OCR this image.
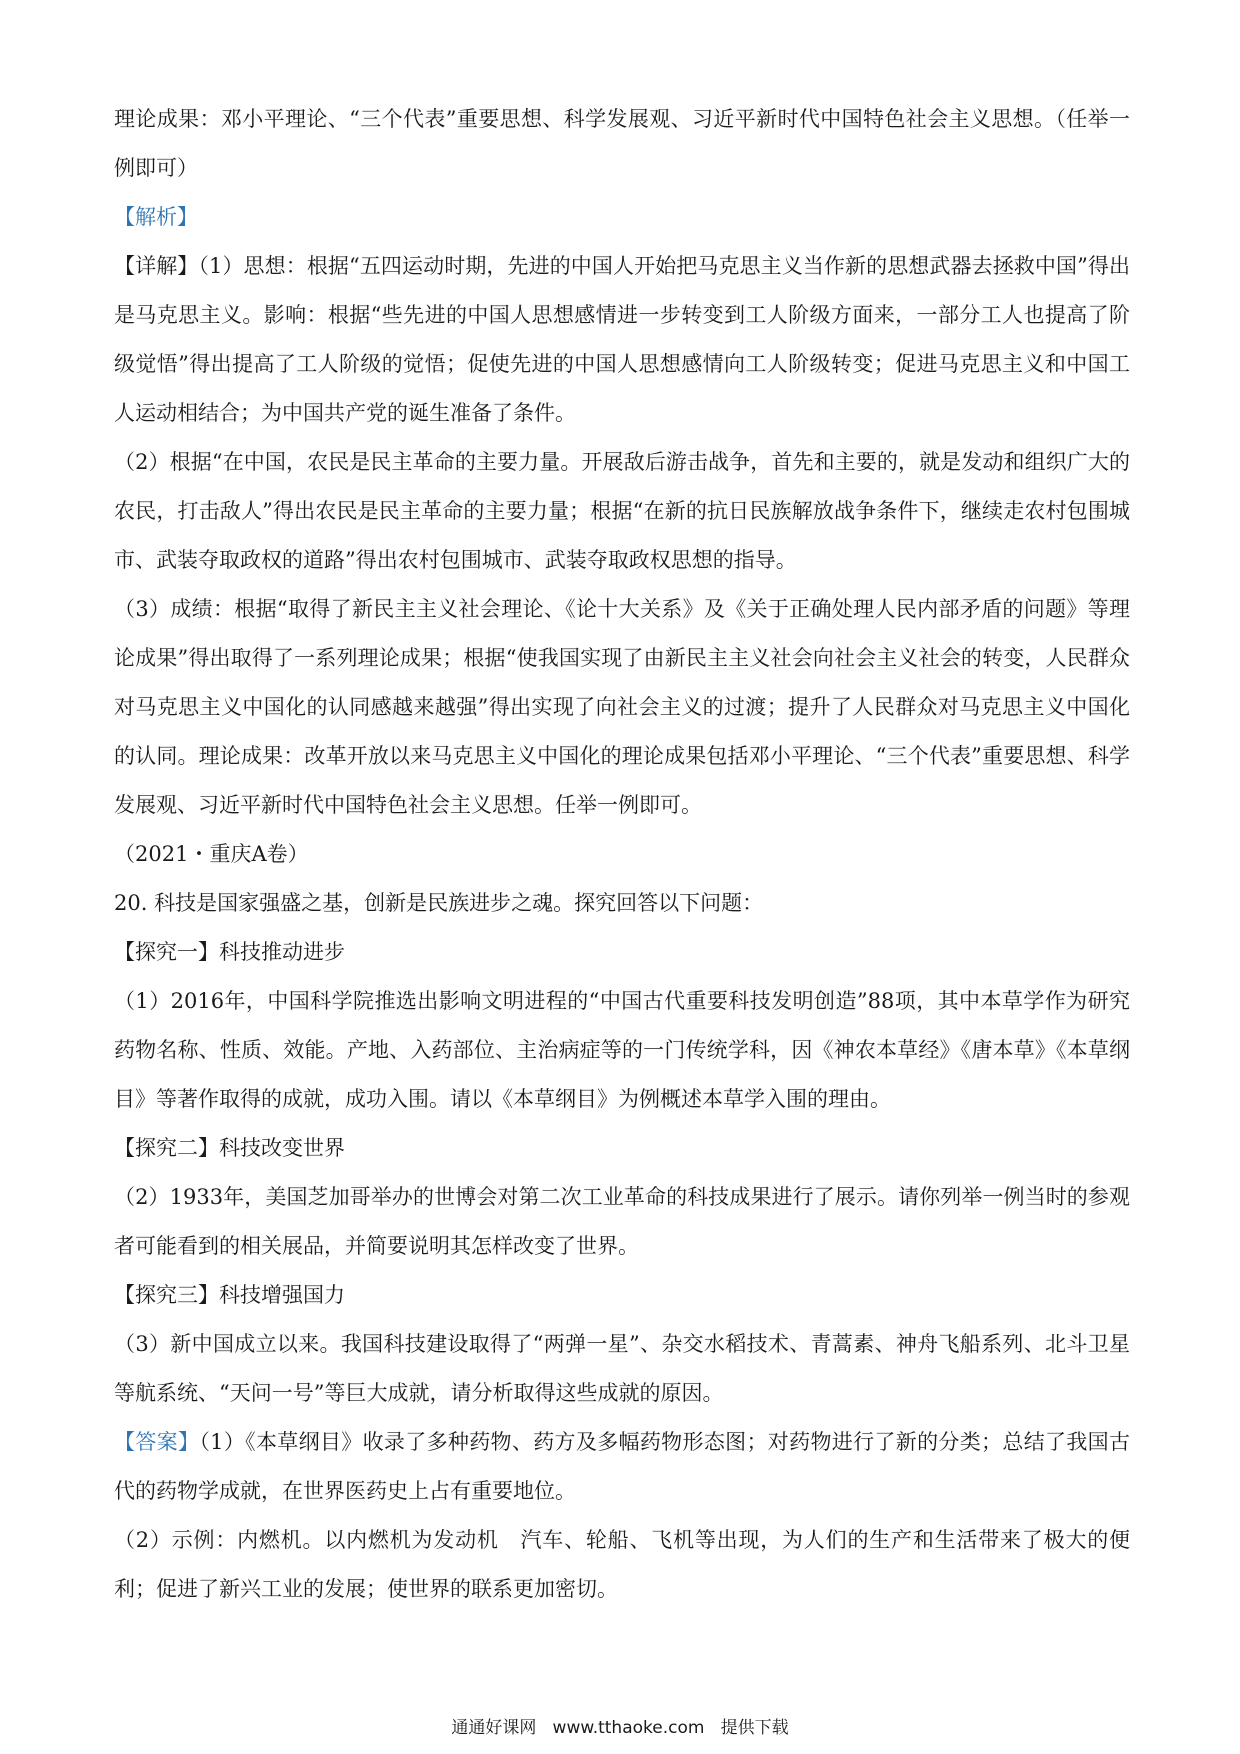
理论成果：邓小平理论、“三个代表”重要思想、科学发展观、习近平新时代中国特色社会主义思想。（任举一例即可）

【解析】

【详解】（1）思想：根据“五四运动时期，先进的中国人开始把马克思主义当作新的思想武器去拯救中国”得出是马克思主义。影响：根据“些先进的中国人思想感情进一步转变到工人阶级方面来，一部分工人也提高了阶级觉悟”得出提高了工人阶级的觉悟；促使先进的中国人思想感情向工人阶级转变；促进马克思主义和中国工人运动相结合；为中国共产党的诞生准备了条件。

（2）根据“在中国，农民是民主革命的主要力量。开展敌后游击战争，首先和主要的，就是发动和组织广大的农民，打击敌人”得出农民是民主革命的主要力量；根据“在新的抗日民族解放战争条件下，继续走农村包围城市、武装夺取政权的道路”得出农村包围城市、武装夺取政权思想的指导。

（3）成绩：根据“取得了新民主主义社会理论、《论十大关系》及《关于正确处理人民内部矛盾的问题》等理论成果”得出取得了一系列理论成果；根据“使我国实现了由新民主主义社会向社会主义社会的转变，人民群众对马克思主义中国化的认同感越来越强”得出实现了向社会主义的过渡；提升了人民群众对马克思主义中国化的认同。理论成果：改革开放以来马克思主义中国化的理论成果包括邓小平理论、“三个代表”重要思想、科学发展观、习近平新时代中国特色社会主义思想。任举一例即可。

（2021・重庆A卷）

20. 科技是国家强盛之基，创新是民族进步之魂。探究回答以下问题：

【探究一】科技推动进步

（1）2016年，中国科学院推选出影响文明进程的“中国古代重要科技发明创造”88项，其中本草学作为研究药物名称、性质、效能。产地、入药部位、主治病症等的一门传统学科，因《神农本草经》《唐本草》《本草纲目》等著作取得的成就，成功入围。请以《本草纲目》为例概述本草学入围的理由。

【探究二】科技改变世界

（2）1933年，美国芝加哥举办的世博会对第二次工业革命的科技成果进行了展示。请你列举一例当时的参观者可能看到的相关展品，并简要说明其怎样改变了世界。

【探究三】科技增强国力

（3）新中国成立以来。我国科技建设取得了“两弹一星”、杂交水稻技术、青蒿素、神舟飞船系列、北斗卫星等航系统、“天问一号”等巨大成就，请分析取得这些成就的原因。

【答案】（1）《本草纲目》收录了多种药物、药方及多幅药物形态图；对药物进行了新的分类；总结了我国古代的药物学成就，在世界医药史上占有重要地位。

（2）示例：内燃机。以内燃机为发动机　汽车、轮船、飞机等出现，为人们的生产和生活带来了极大的便利；促进了新兴工业的发展；使世界的联系更加密切。

通通好课网 www.tthaoke.com 提供下载
